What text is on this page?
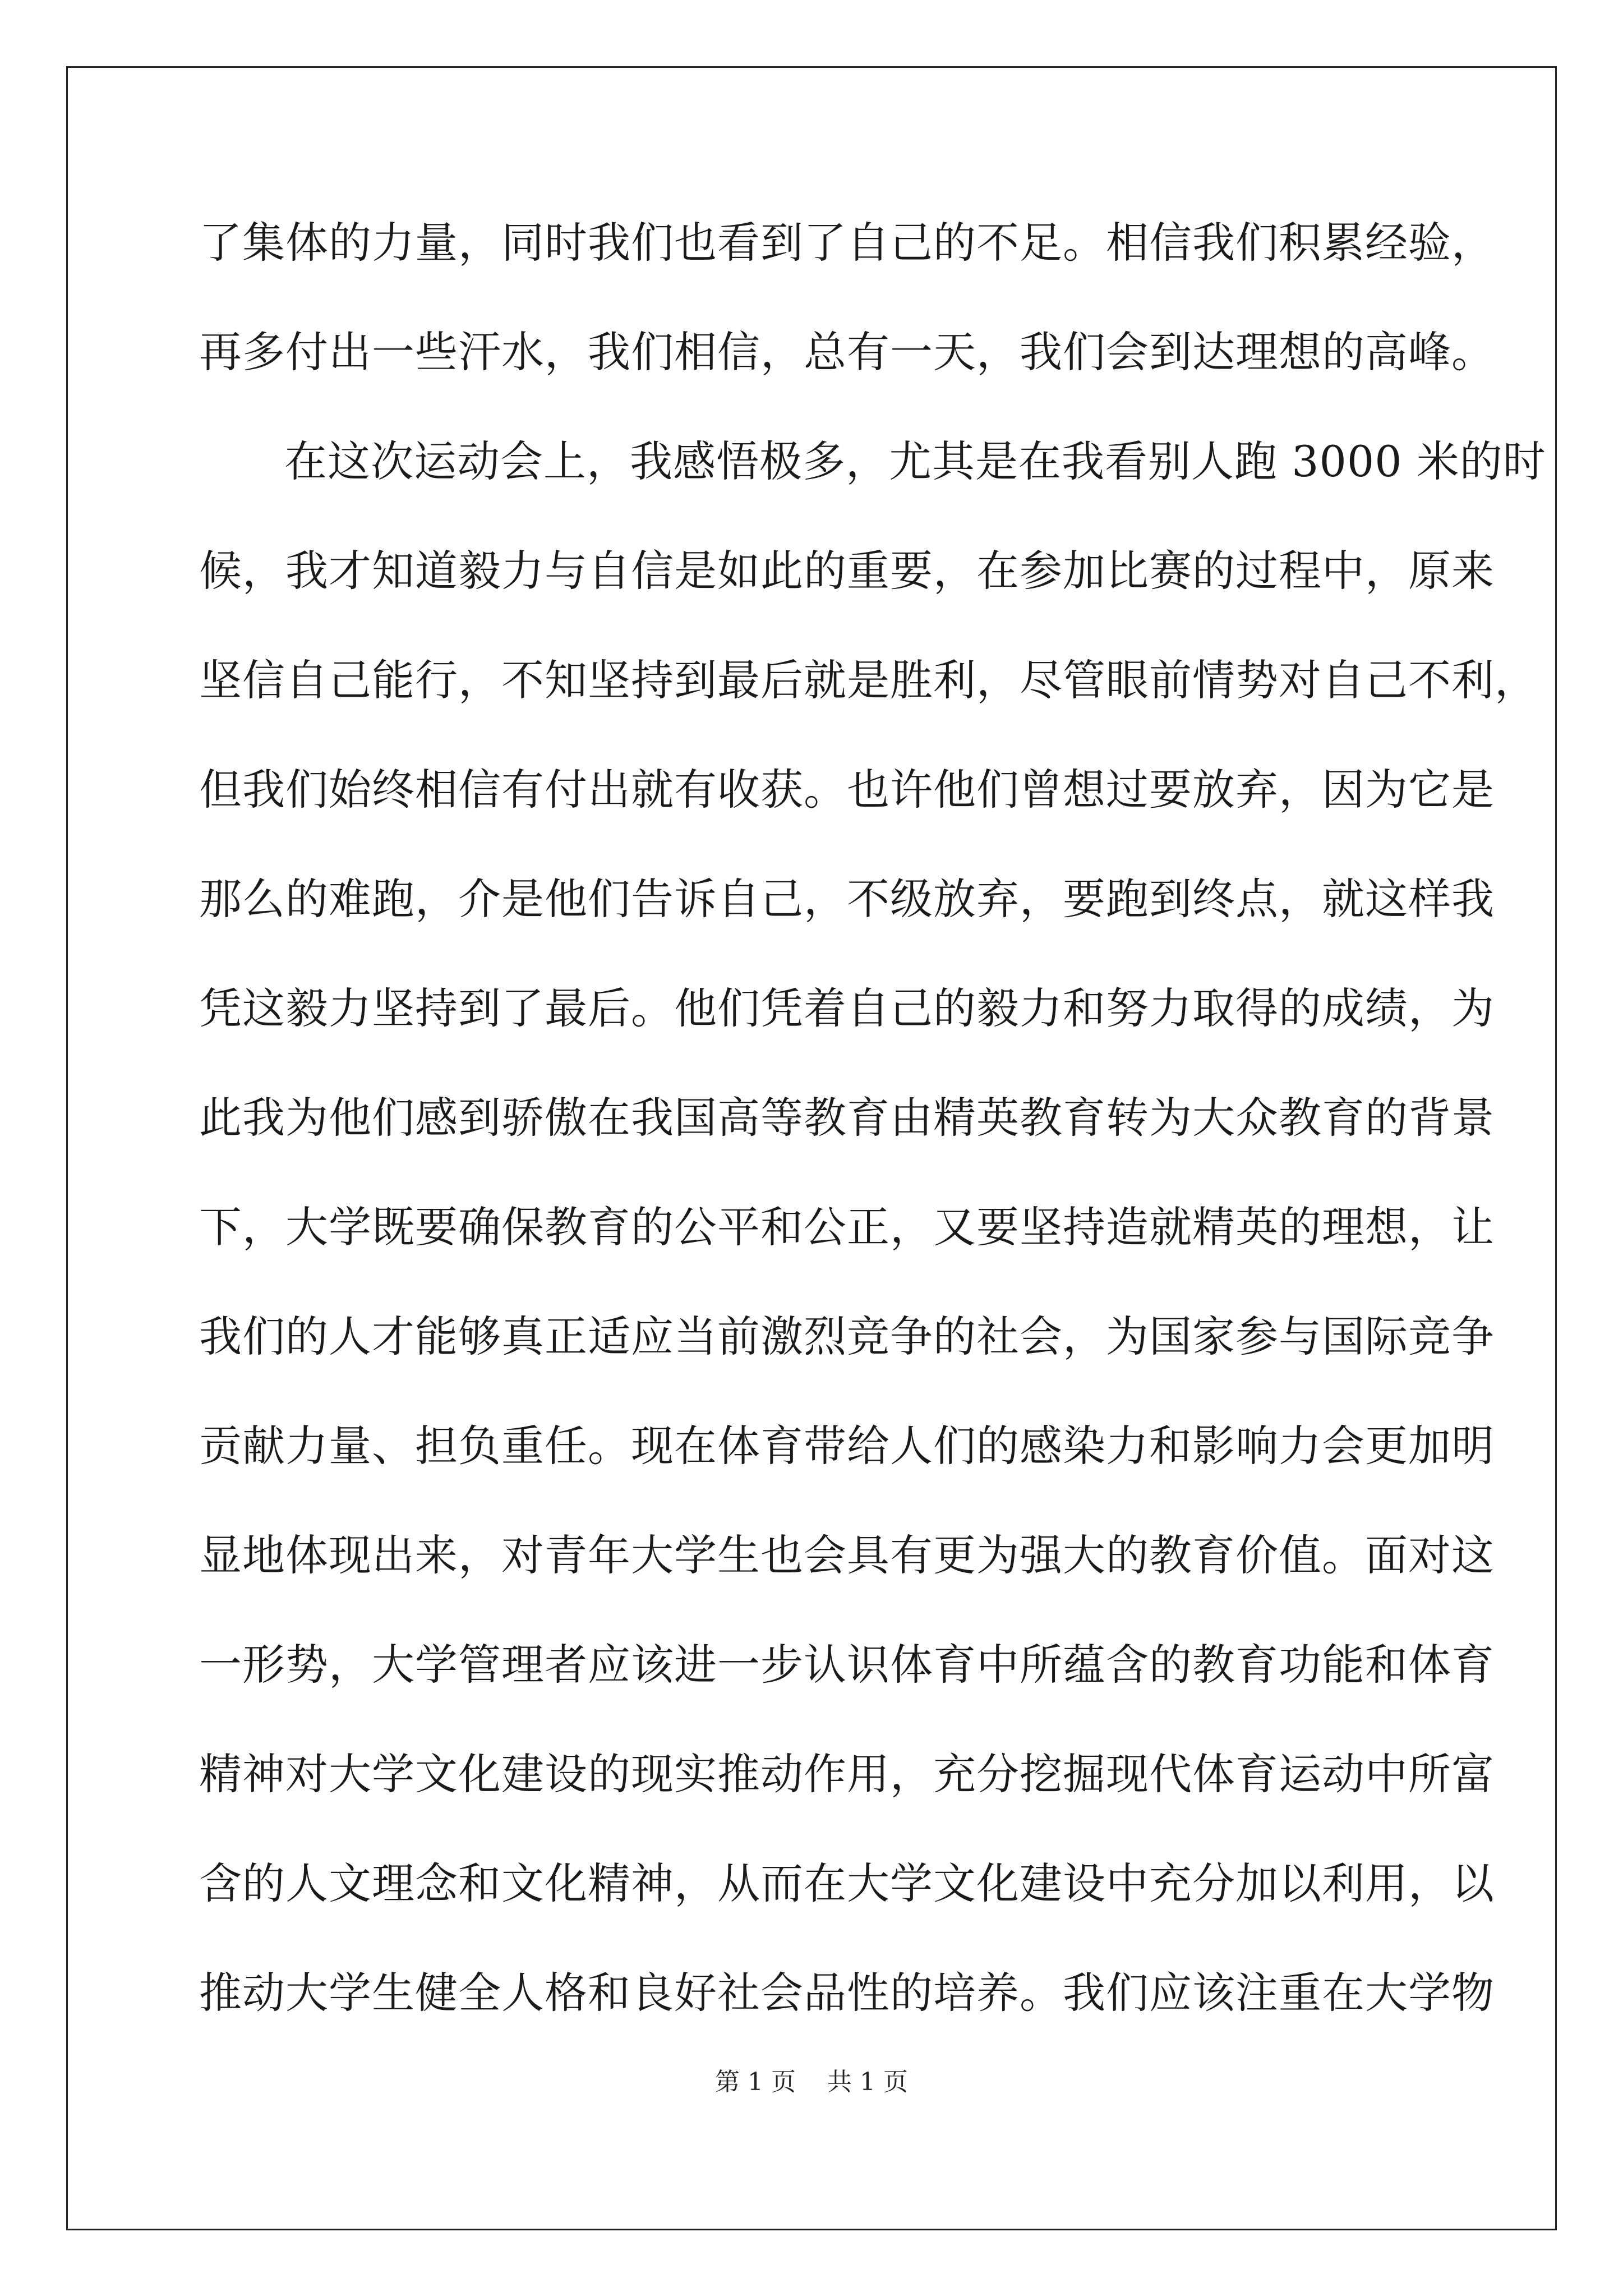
了集体的力量，同时我们也看到了自己的不足。相信我们积累经验，
再多付出一些汗水，我们相信，总有一天，我们会到达理想的高峰。
在这次运动会上，我感悟极多，尤其是在我看别人跑 3000 米的时
候，我才知道毅力与自信是如此的重要，在参加比赛的过程中，原来
坚信自己能行，不知坚持到最后就是胜利，尽管眼前情势对自己不利，
但我们始终相信有付出就有收获。也许他们曾想过要放弃，因为它是
那么的难跑，介是他们告诉自己，不级放弃，要跑到终点，就这样我
凭这毅力坚持到了最后。他们凭着自己的毅力和努力取得的成绩，为
此我为他们感到骄傲在我国高等教育由精英教育转为大众教育的背景
下，大学既要确保教育的公平和公正，又要坚持造就精英的理想，让
我们的人才能够真正适应当前激烈竞争的社会，为国家参与国际竞争
贡献力量、担负重任。现在体育带给人们的感染力和影响力会更加明
显地体现出来，对青年大学生也会具有更为强大的教育价值。面对这
一形势，大学管理者应该进一步认识体育中所蕴含的教育功能和体育
精神对大学文化建设的现实推动作用，充分挖掘现代体育运动中所富
含的人文理念和文化精神，从而在大学文化建设中充分加以利用，以
推动大学生健全人格和良好社会品性的培养。我们应该注重在大学物
第 1 页 共 1 页
